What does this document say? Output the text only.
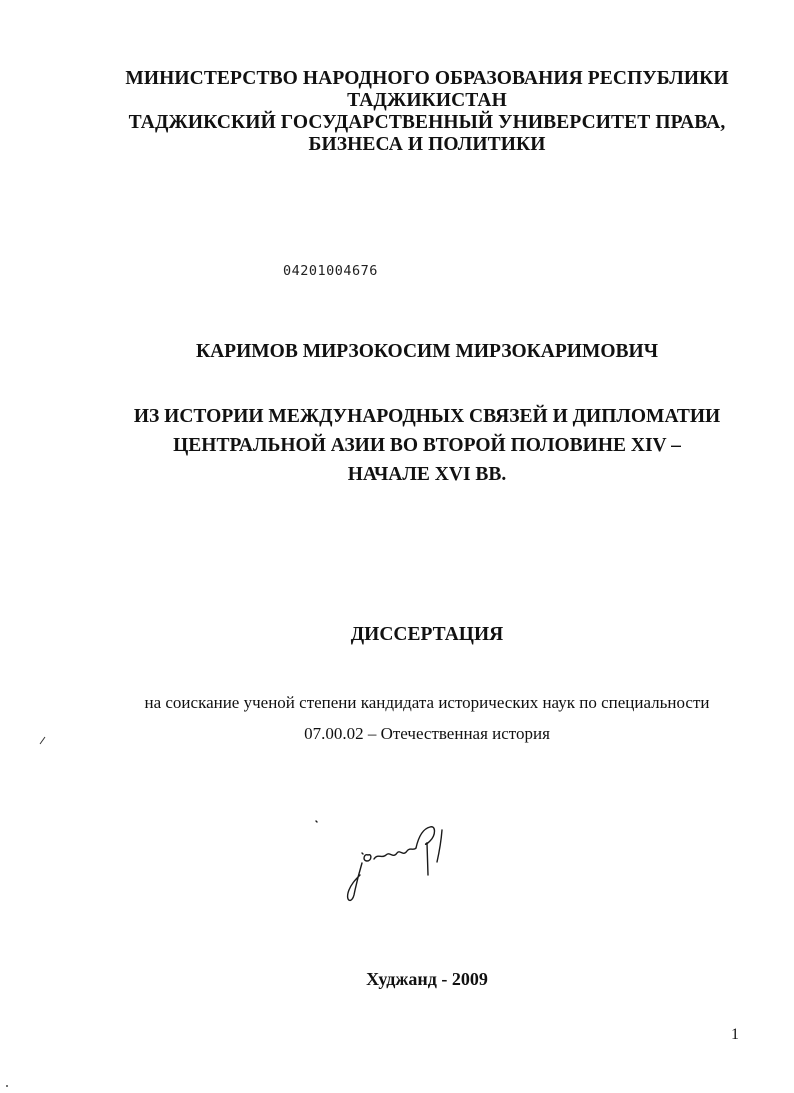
МИНИСТЕРСТВО НАРОДНОГО ОБРАЗОВАНИЯ РЕСПУБЛИКИ
ТАДЖИКИСТАН
ТАДЖИКСКИЙ ГОСУДАРСТВЕННЫЙ УНИВЕРСИТЕТ ПРАВА,
БИЗНЕСА И ПОЛИТИКИ
04201004676
КАРИМОВ МИРЗОКОСИМ МИРЗОКАРИМОВИЧ
ИЗ ИСТОРИИ МЕЖДУНАРОДНЫХ СВЯЗЕЙ И ДИПЛОМАТИИ
ЦЕНТРАЛЬНОЙ АЗИИ ВО ВТОРОЙ ПОЛОВИНЕ XIV –
НАЧАЛЕ XVI ВВ.
ДИССЕРТАЦИЯ
на соискание ученой степени кандидата исторических наук по специальности
07.00.02 – Отечественная история
Худжанд - 2009
1
